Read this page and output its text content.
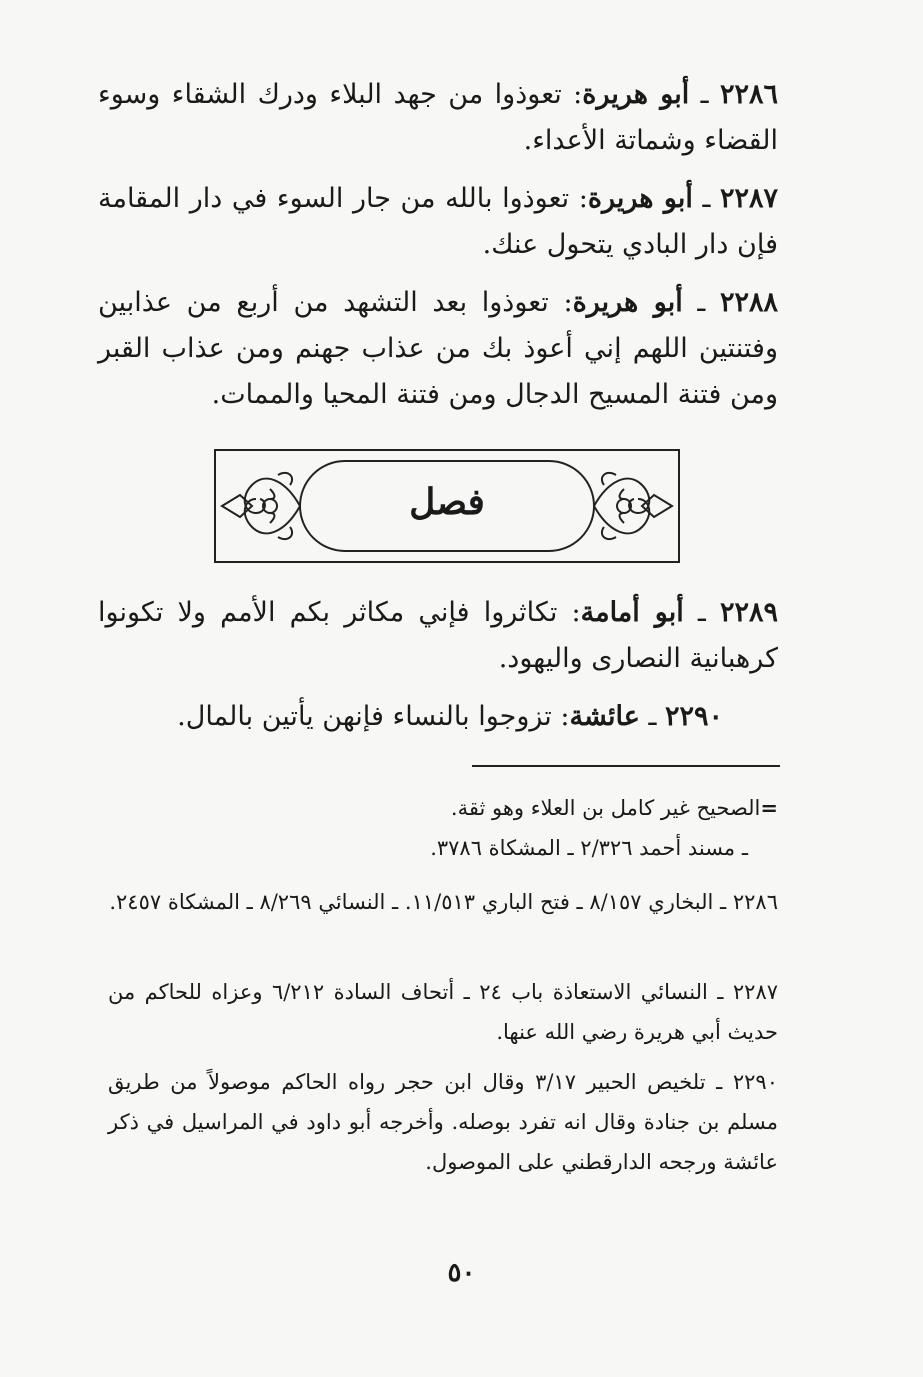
٢٢٨٦ ـ أبو هريرة: تعوذوا من جهد البلاء ودرك الشقاء وسوء القضاء وشماتة الأعداء.

٢٢٨٧ ـ أبو هريرة: تعوذوا بالله من جار السوء في دار المقامة فإن دار البادي يتحول عنك.

٢٢٨٨ ـ أبو هريرة: تعوذوا بعد التشهد من أربع من عذابين وفتنتين اللهم إني أعوذ بك من عذاب جهنم ومن عذاب القبر ومن فتنة المسيح الدجال ومن فتنة المحيا والممات.

فصل

٢٢٨٩ ـ أبو أمامة: تكاثروا فإني مكاثر بكم الأمم ولا تكونوا كرهبانية النصارى واليهود.

٢٢٩٠ ـ عائشة: تزوجوا بالنساء فإنهن يأتين بالمال.

=الصحيح غير كامل بن العلاء وهو ثقة.

ـ مسند أحمد ٢/٣٢٦ ـ المشكاة ٣٧٨٦.

٢٢٨٦ ـ البخاري ٨/١٥٧ ـ فتح الباري ١١/٥١٣. ـ النسائي ٨/٢٦٩ ـ المشكاة ٢٤٥٧.

٢٢٨٧ ـ النسائي الاستعاذة باب ٢٤ ـ أتحاف السادة ٦/٢١٢ وعزاه للحاكم من حديث أبي هريرة رضي الله عنها.

٢٢٩٠ ـ تلخيص الحبير ٣/١٧ وقال ابن حجر رواه الحاكم موصولاً من طريق مسلم بن جنادة وقال انه تفرد بوصله. وأخرجه أبو داود في المراسيل في ذكر عائشة ورجحه الدارقطني على الموصول.

٥٠
